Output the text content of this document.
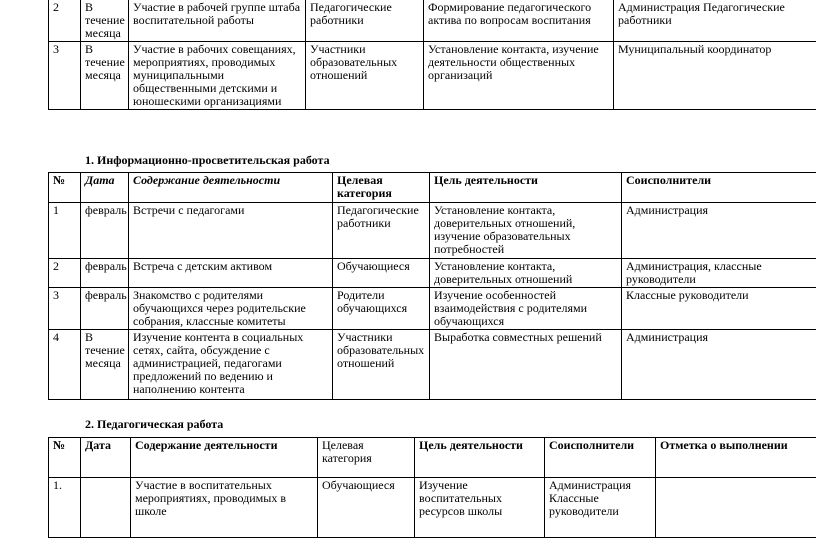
2	В течение месяца	Участие в рабочей группе штаба воспитательной работы	Педагогические работники	Формирование педагогического актива по вопросам воспитания	Администрация Педагогические работники
3	В течение месяца	Участие в рабочих совещаниях, мероприятиях, проводимых муниципальными общественными детскими и юношескими организациями	Участники образовательных отношений	Установление контакта, изучение деятельности общественных организаций	Муниципальный координатор
1. Информационно-просветительская работа
№	Дата	Содержание деятельности	Целевая категория	Цель деятельности	Соисполнители
1	февраль	Встречи с педагогами	Педагогические работники	Установление контакта, доверительных отношений, изучение образовательных потребностей	Администрация
2	февраль	Встреча с детским активом	Обучающиеся	Установление контакта, доверительных отношений	Администрация, классные руководители
3	февраль	Знакомство с родителями обучающихся через родительские собрания, классные комитеты	Родители обучающихся	Изучение особенностей взаимодействия с родителями обучающихся	Классные руководители
4	В течение месяца	Изучение контента в социальных сетях, сайта, обсуждение с администрацией, педагогами предложений по ведению и наполнению контента	Участники образовательных отношений	Выработка совместных решений	Администрация
2. Педагогическая работа
№	Дата	Содержание деятельности	Целевая категория	Цель деятельности	Соисполнители	Отметка о выполнении
1.		Участие в воспитательных мероприятиях, проводимых в школе	Обучающиеся	Изучение воспитательных ресурсов школы	Администрация Классные руководители	
